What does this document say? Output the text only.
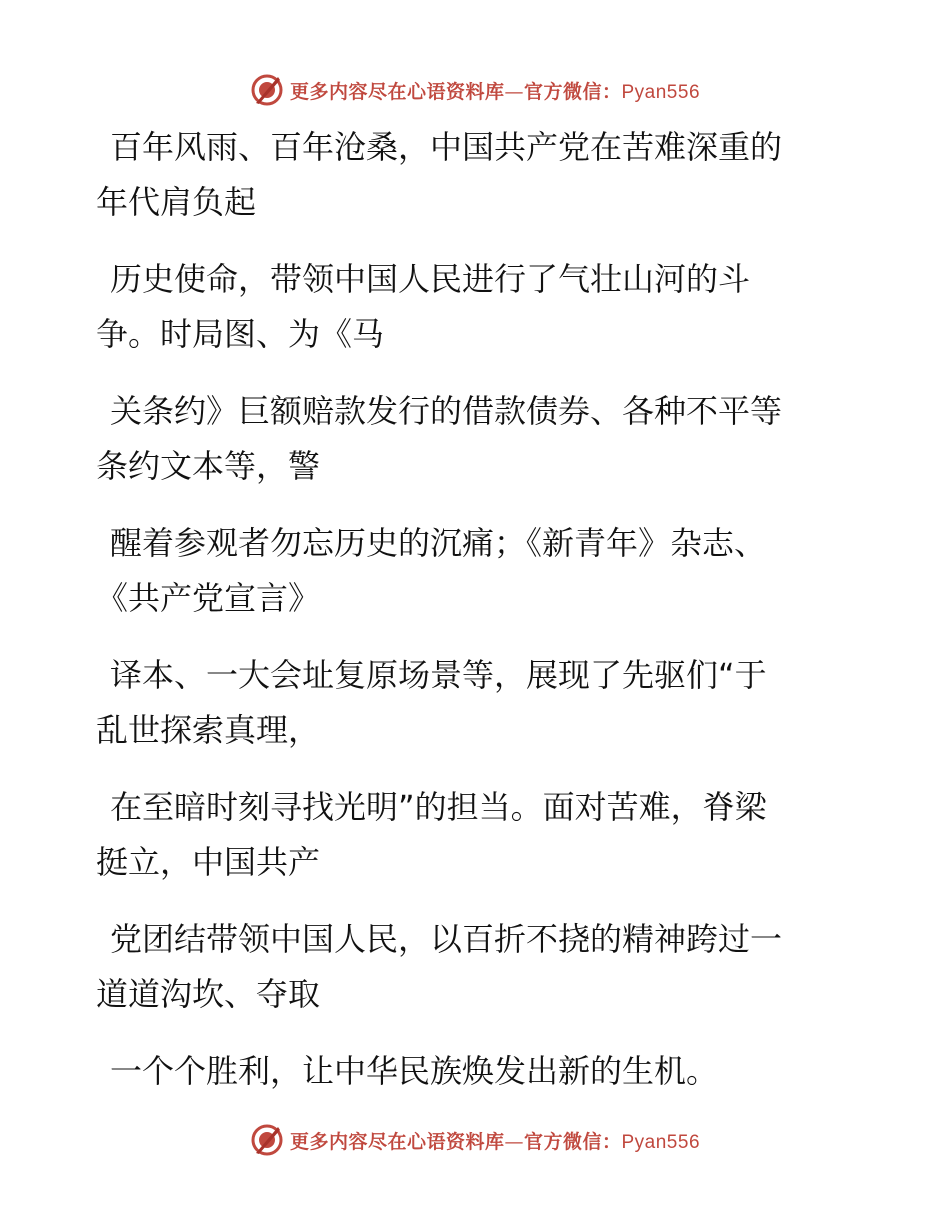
更多内容尽在心语资料库—官方微信：Pyan556

百年风雨、百年沧桑，中国共产党在苦难深重的
年代肩负起

历史使命，带领中国人民进行了气壮山河的斗
争。时局图、为《马

关条约》巨额赔款发行的借款债券、各种不平等
条约文本等，警

醒着参观者勿忘历史的沉痛；《新青年》杂志、
《共产党宣言》

译本、一大会址复原场景等，展现了先驱们“于
乱世探索真理，

在至暗时刻寻找光明”的担当。面对苦难，脊梁
挺立，中国共产

党团结带领中国人民，以百折不挠的精神跨过一
道道沟坎、夺取

一个个胜利，让中华民族焕发出新的生机。

更多内容尽在心语资料库—官方微信：Pyan556
